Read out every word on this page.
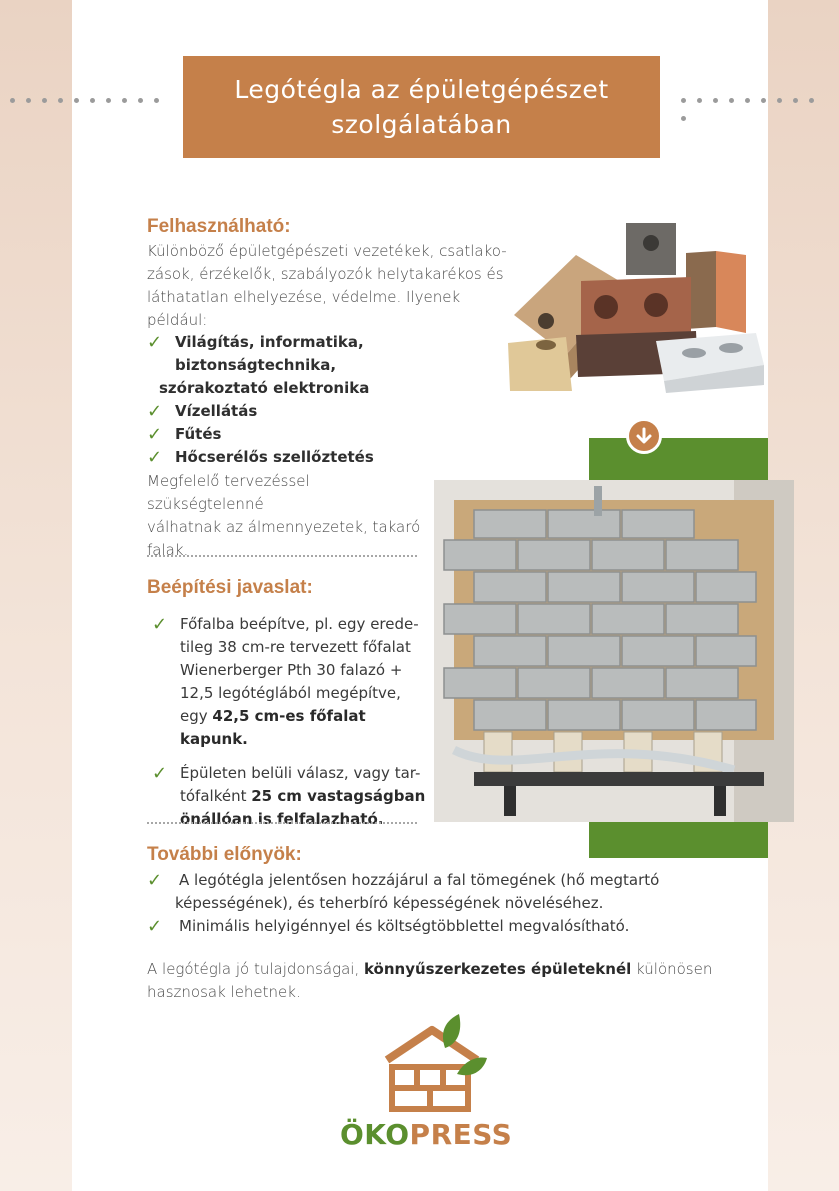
Legótégla az épületgépészet
szolgálatában
Felhasználható:
Különböző épületgépészeti vezetékek, csatlako-
zások, érzékelők, szabályozók helytakarékos és
láthatatlan elhelyezése, védelme. Ilyenek például:
✓ Világítás, informatika, biztonságtechnika,
szórakoztató elektronika
✓ Vízellátás
✓ Fűtés
✓ Hőcserélős szellőztetés
Megfelelő tervezéssel szükségtelenné
válhatnak az álmennyezetek, takaró
falak.
Beépítési javaslat:
✓ Főfalba beépítve, pl. egy erede-
tileg 38 cm-re tervezett főfalat
Wienerberger Pth 30 falazó +
12,5 legótéglából megépítve,
egy 42,5 cm-es főfalat kapunk.
✓ Épületen belüli válasz, vagy tar-
tófalként 25 cm vastagságban
önállóan is felfalazható.
További előnyök:
✓ A legótégla jelentősen hozzájárul a fal tömegének (hő megtartó
képességének), és teherbíró képességének növeléséhez.
✓ Minimális helyigénnyel és költségtöbblettel megvalósítható.
A legótégla jó tulajdonságai, könnyűszerkezetes épületeknél különösen
hasznosak lehetnek.
ÖKOPRESS
